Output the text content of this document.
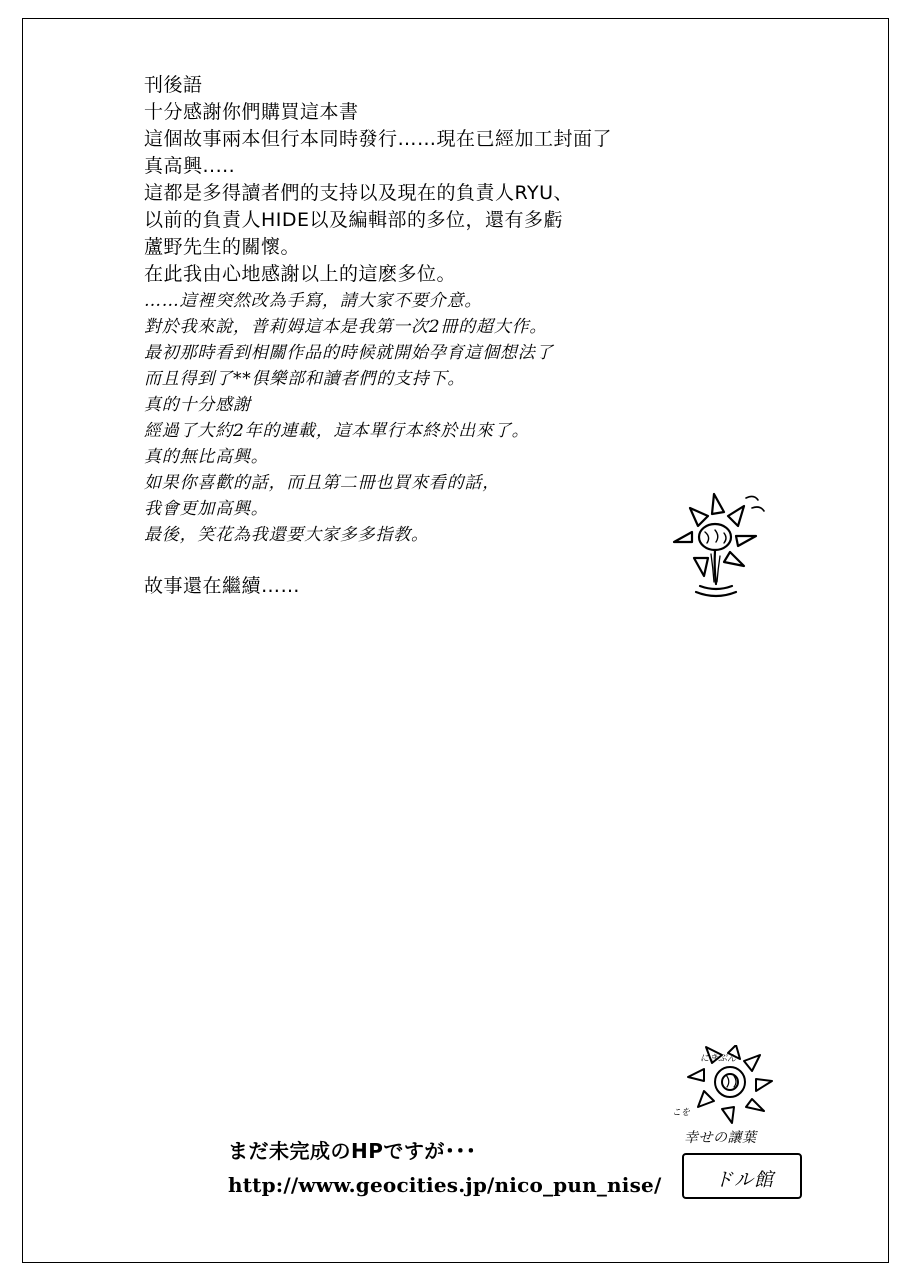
刊後語
十分感謝你們購買這本書
這個故事兩本但行本同時發行……現在已經加工封面了
真高興.....
這都是多得讀者們的支持以及現在的負責人RYU、
以前的負責人HIDE以及編輯部的多位，還有多虧
蘆野先生的關懷。
在此我由心地感謝以上的這麽多位。
……這裡突然改為手寫，請大家不要介意。
對於我來說，普莉姆這本是我第一次2冊的超大作。
最初那時看到相關作品的時候就開始孕育這個想法了
而且得到了**俱樂部和讀者們的支持下。
真的十分感謝
經過了大約2年的連載，這本單行本終於出來了。
真的無比高興。
如果你喜歡的話，而且第二冊也買來看的話，
我會更加高興。
最後，笑花為我還要大家多多指教。
故事還在繼續……
にきぷん
こを
幸せの讓葉
ドル館
まだ未完成のHPですが･･･
http://www.geocities.jp/nico_pun_nise/
